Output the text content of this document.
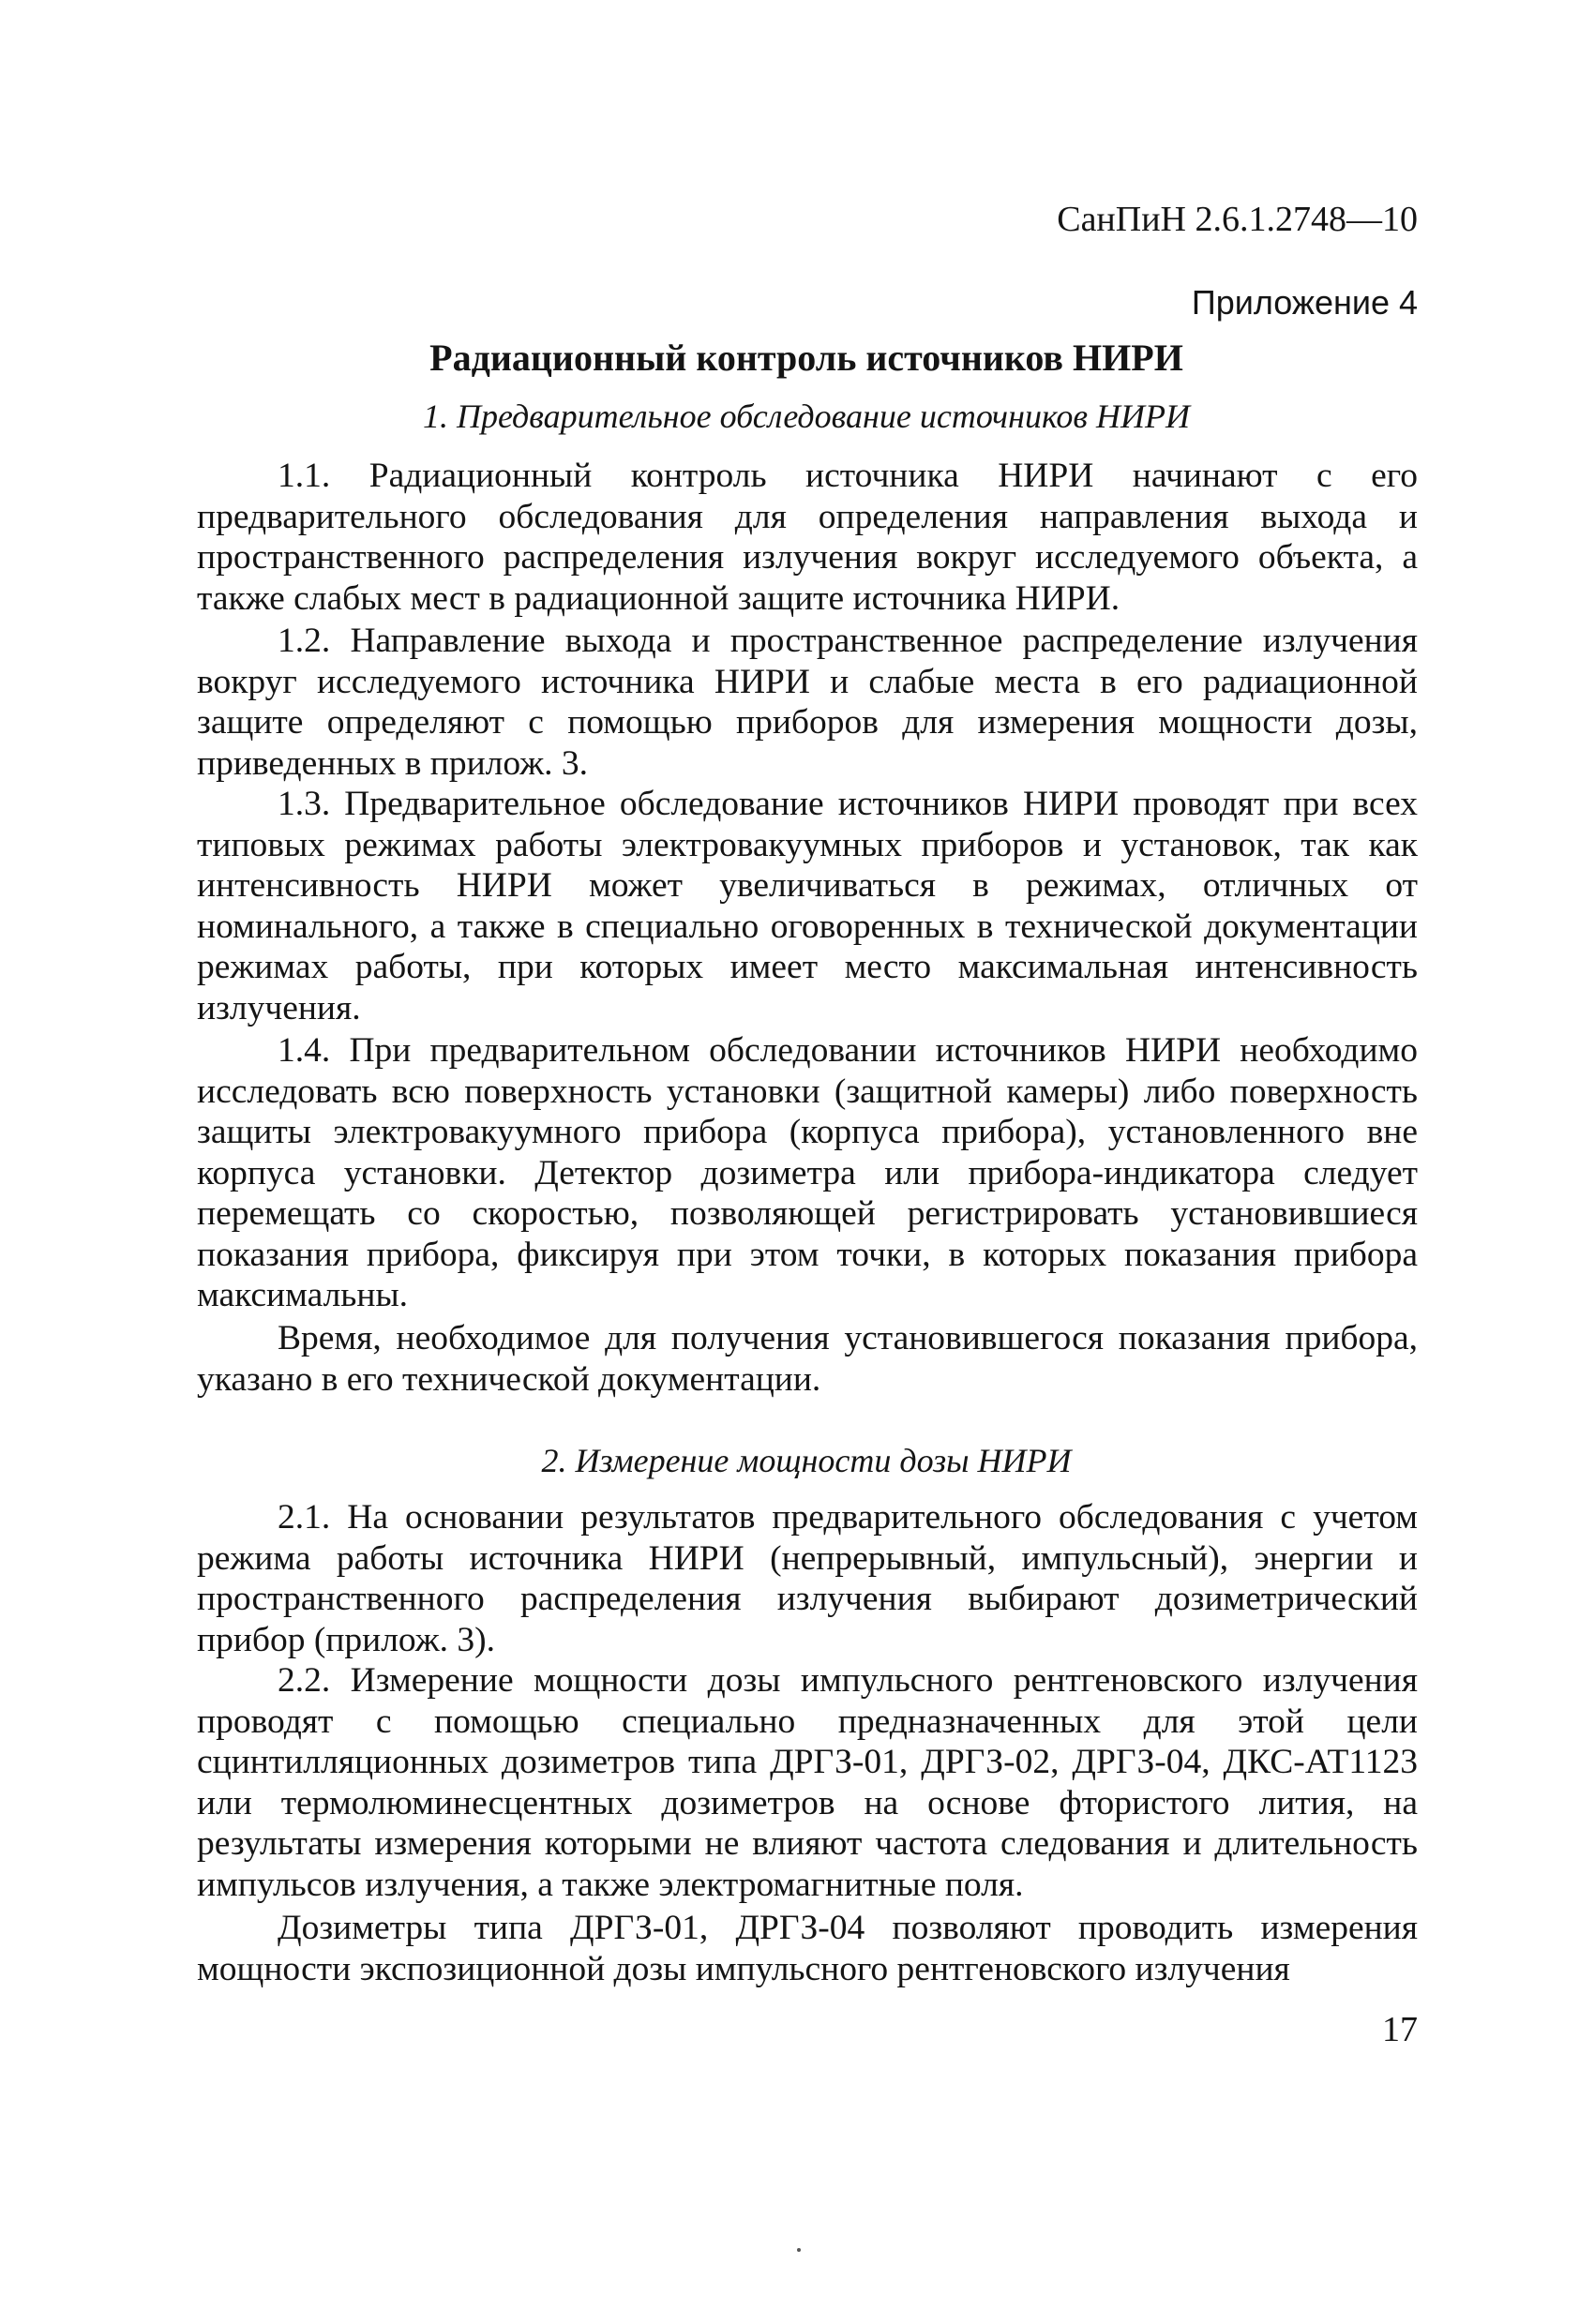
СанПиН 2.6.1.2748—10
Приложение 4
Радиационный контроль источников НИРИ
1. Предварительное обследование источников НИРИ

1.1. Радиационный контроль источника НИРИ начинают с его предварительного обследования для определения направления выхода и пространственного распределения излучения вокруг исследуемого объекта, а также слабых мест в радиационной защите источника НИРИ.

1.2. Направление выхода и пространственное распределение излучения вокруг исследуемого источника НИРИ и слабые места в его радиационной защите определяют с помощью приборов для измерения мощности дозы, приведенных в прилож. 3.

1.3. Предварительное обследование источников НИРИ проводят при всех типовых режимах работы электровакуумных приборов и установок, так как интенсивность НИРИ может увеличиваться в режимах, отличных от номинального, а также в специально оговоренных в технической документации режимах работы, при которых имеет место максимальная интенсивность излучения.

1.4. При предварительном обследовании источников НИРИ необходимо исследовать всю поверхность установки (защитной камеры) либо поверхность защиты электровакуумного прибора (корпуса прибора), установленного вне корпуса установки. Детектор дозиметра или прибора-индикатора следует перемещать со скоростью, позволяющей регистрировать установившиеся показания прибора, фиксируя при этом точки, в которых показания прибора максимальны.

Время, необходимое для получения установившегося показания прибора, указано в его технической документации.

2. Измерение мощности дозы НИРИ

2.1. На основании результатов предварительного обследования с учетом режима работы источника НИРИ (непрерывный, импульсный), энергии и пространственного распределения излучения выбирают дозиметрический прибор (прилож. 3).

2.2. Измерение мощности дозы импульсного рентгеновского излучения проводят с помощью специально предназначенных для этой цели сцинтилляционных дозиметров типа ДРГЗ-01, ДРГЗ-02, ДРГЗ-04, ДКС-АТ1123 или термолюминесцентных дозиметров на основе фтористого лития, на результаты измерения которыми не влияют частота следования и длительность импульсов излучения, а также электромагнитные поля.

Дозиметры типа ДРГЗ-01, ДРГЗ-04 позволяют проводить измерения мощности экспозиционной дозы импульсного рентгеновского излучения

17
